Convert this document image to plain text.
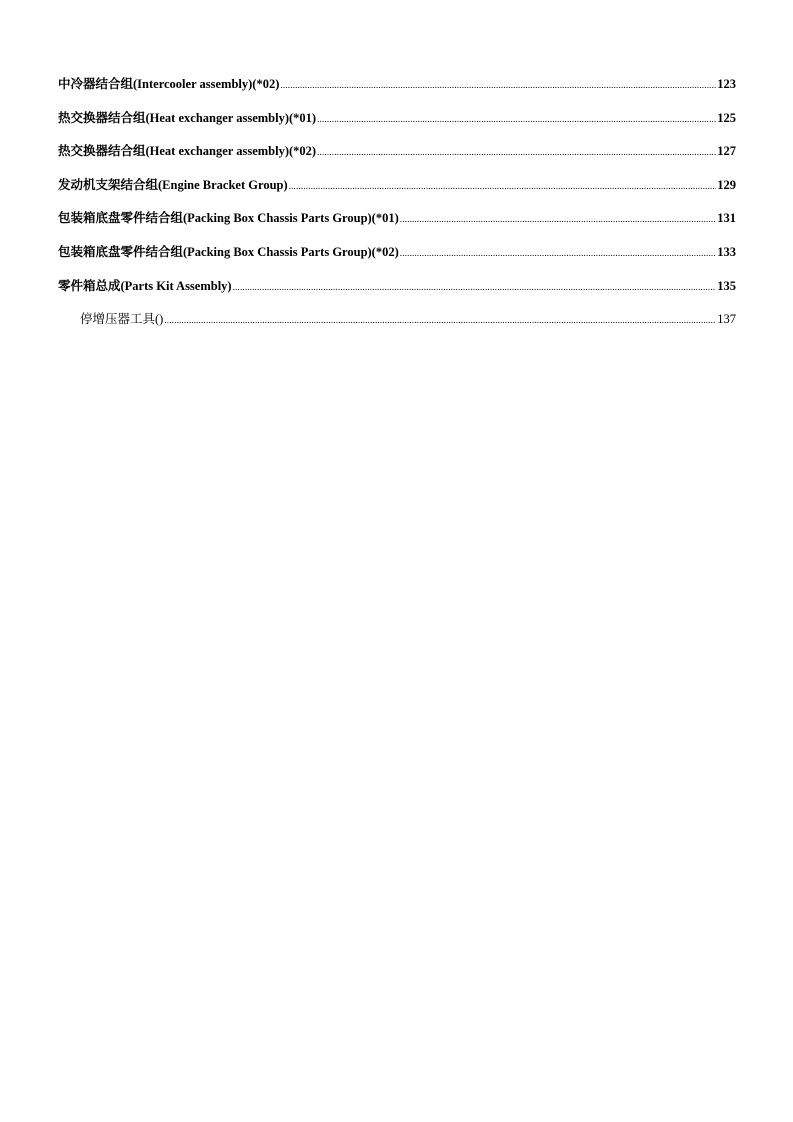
中冷器结合组(Intercooler assembly)(*02) .....	123
热交换器结合组(Heat exchanger assembly)(*01) .....	125
热交换器结合组(Heat exchanger assembly)(*02) .....	127
发动机支架结合组(Engine Bracket Group) .....	129
包装箱底盘零件结合组(Packing Box Chassis Parts Group)(*01) .....	131
包装箱底盘零件结合组(Packing Box Chassis Parts Group)(*02) .....	133
零件箱总成(Parts Kit Assembly) .....	135
停增压器工具() .....	137
